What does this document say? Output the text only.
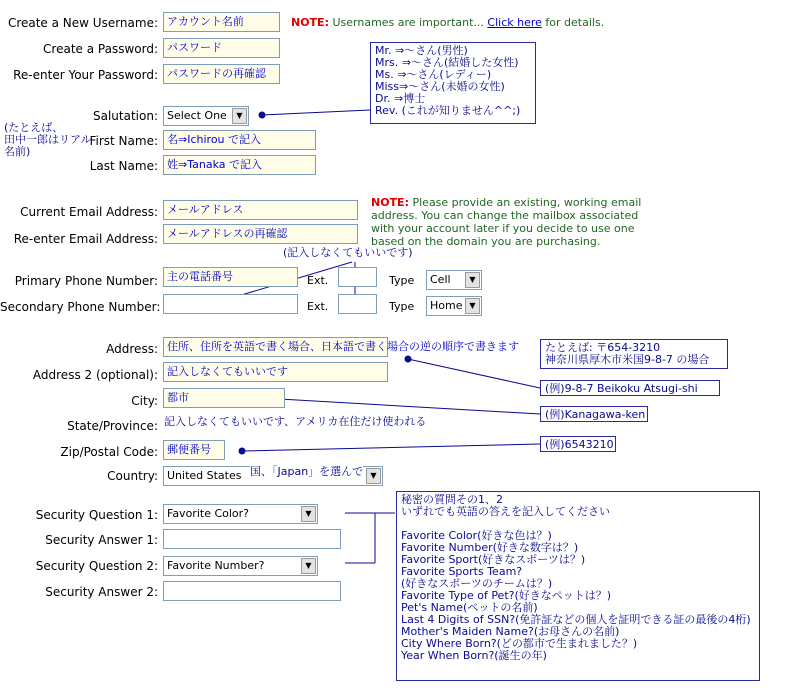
Create a New Username: アカウント名前	NOTE: Usernames are important... Click here for details.
Create a Password: パスワード
Re-enter Your Password: パスワードの再確認
Mr. ⇒〜さん(男性)
Mrs. ⇒〜さん(結婚した女性)
Ms. ⇒〜さん(レディー)
Miss⇒〜さん(未婚の女性)
Dr. ⇒博士
Rev. (これが知りません^^;)
Salutation: Select One	▼
(たとえば、
田中一郎はリアル
名前)
First Name: 名⇒Ichirou で記入
Last Name: 姓⇒Tanaka で記入
Current Email Address: メールアドレス
Re-enter Email Address: メールアドレスの再確認
NOTE: Please provide an existing, working email
address. You can change the mailbox associated
with your account later if you decide to use one
based on the domain you are purchasing.
(記入しなくてもいいです)
Primary Phone Number: 主の電話番号	Ext.	Type	Cell	▼
Secondary Phone Number:	Ext.	Type	Home ▼
Address: 住所、住所を英語で書く場合、日本語で書く場合の逆の順序で書きます たとえば: 〒654-3210
神奈川県厚木市米国9-8-7 の場合
(例)9-8-7 Beikoku Atsugi-shi
Address 2 (optional): 記入しなくてもいいです
City: 都市
(例)Kanagawa-ken
State/Province: 記入しなくてもいいです、アメリカ在住だけ使われる
Zip/Postal Code: 郵便番号	(例)6543210
Country: United States	▼
国、「Japan」を選んで
Security Question 1: Favorite Color?	▼
Security Answer 1:
Security Question 2: Favorite Number?	▼
Security Answer 2:
秘密の質問その1、2
いずれでも英語の答えを記入してください
Favorite Color(好きな色は？)
Favorite Number(好きな数字は？)
Favorite Sport(好きなスポーツは？)
Favorite Sports Team?
(好きなスポーツのチームは？)
Favorite Type of Pet?(好きなペットは？)
Pet's Name(ペットの名前)
Last 4 Digits of SSN?(免許証などの個人を証明できる証の最後の4桁)
Mother's Maiden Name?(お母さんの名前)
City Where Born?(どの都市で生まれました？)
Year When Born?(誕生の年)
